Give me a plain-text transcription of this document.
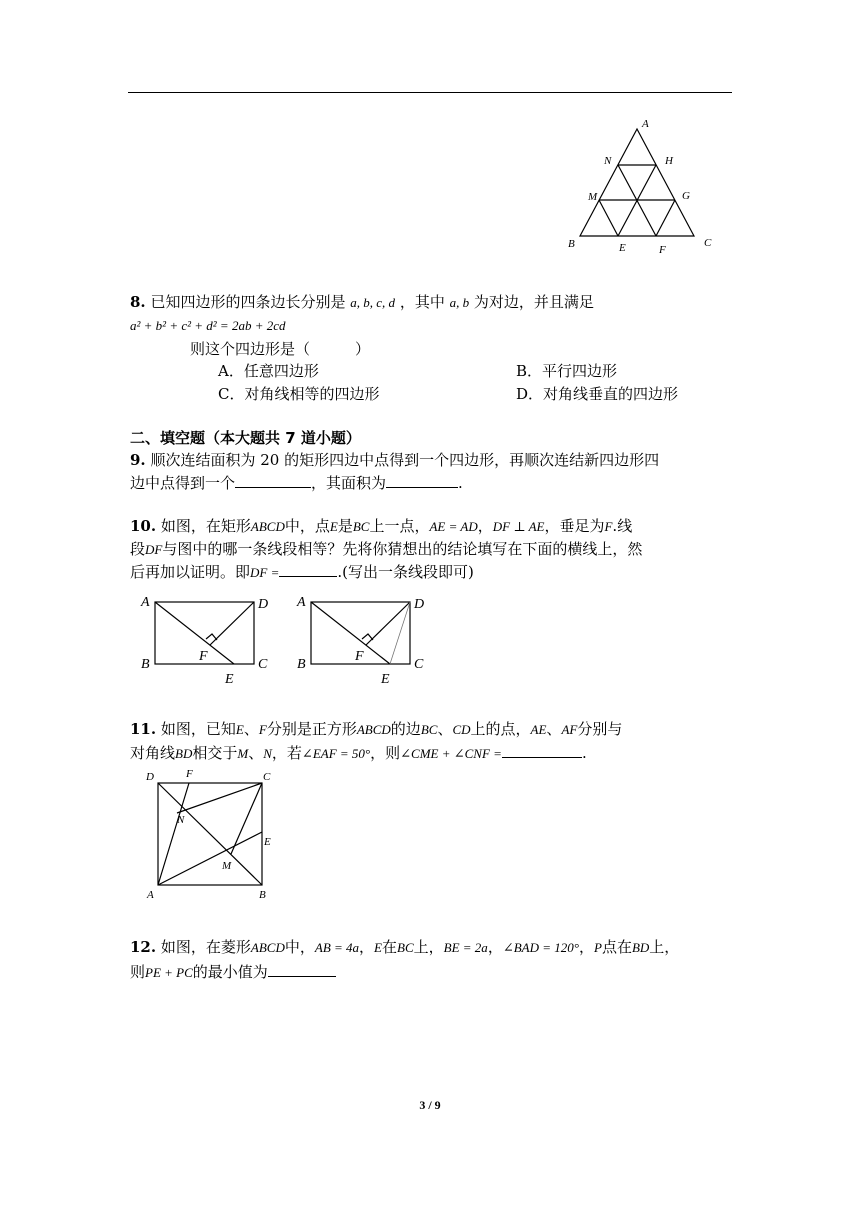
A
N	H
M	G
B	E	F
C
8. 已知四边形的四条边长分别是 a, b, c, d ，其中 a, b 为对边，并且满足
a² + b² + c² + d² = 2ab + 2cd
则这个四边形是（　　　）
A．任意四边形	B．平行四边形
C．对角线相等的四边形	D．对角线垂直的四边形
二、填空题（本大题共 7 道小题）
9. 顺次连结面积为 20 的矩形四边中点得到一个四边形，再顺次连结新四边形四
边中点得到一个	，其面积为	.
10. 如图，在矩形ABCD中，点E是BC上一点，AE = AD，DF ⊥ AE，垂足为F.线
段DF与图中的哪一条线段相等？先将你猜想出的结论填写在下面的横线上，然
后再加以证明。即DF =	.(写出一条线段即可)
A	D
B	C
F
E
A	D
B	C
F
E
11. 如图，已知E、F分别是正方形ABCD的边BC、CD上的点，AE、AF分别与
对角线BD相交于M、N，若∠EAF = 50°，则∠CME + ∠CNF =	.
D	F	C
N
E
M
A	B
12. 如图，在菱形ABCD中，AB = 4a，E在BC上，BE = 2a，∠BAD = 120°，P点在BD上，
则PE + PC的最小值为
3 / 9
